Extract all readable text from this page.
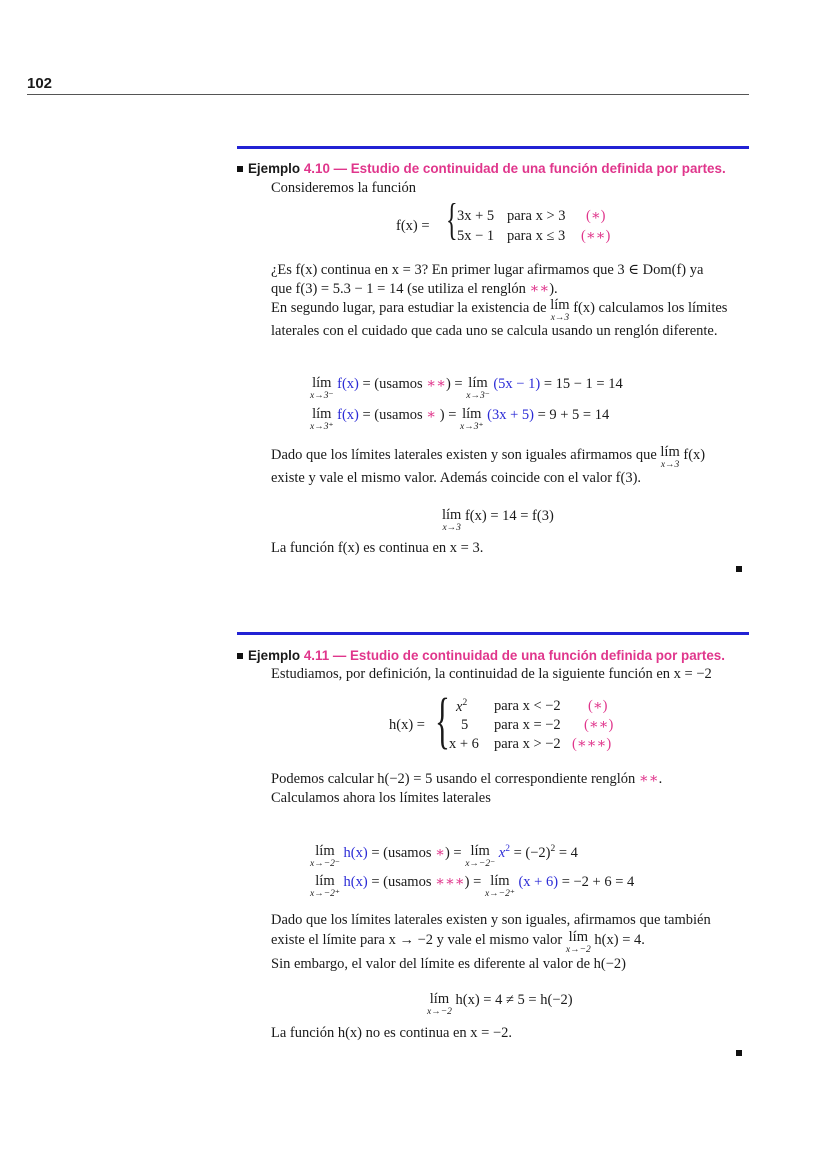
102
Ejemplo 4.10 — Estudio de continuidad de una función definida por partes.
Consideremos la función
f(x) = { 3x + 5 para x > 3 (∗)
5x − 1 para x ≤ 3 (∗∗)
¿Es f(x) continua en x = 3? En primer lugar afirmamos que 3 ∈ Dom(f) ya
que f(3) = 5.3 − 1 = 14 (se utiliza el renglón ∗∗).
En segundo lugar, para estudiar la existencia de lím
x→3
f(x) calculamos los límites
laterales con el cuidado que cada uno se calcula usando un renglón diferente.
lím
x→3⁻
f(x) = (usamos ∗∗) = lím
x→3⁻
(5x − 1) = 15 − 1 = 14
lím
x→3⁺
f(x) = (usamos ∗ ) = lím
x→3⁺
(3x + 5) = 9 + 5 = 14
Dado que los límites laterales existen y son iguales afirmamos que lím
x→3
f(x)
existe y vale el mismo valor. Además coincide con el valor f(3).
lím
x→3
f(x) = 14 = f(3)
La función f(x) es continua en x = 3.
Ejemplo 4.11 — Estudio de continuidad de una función definida por partes.
Estudiamos, por definición, la continuidad de la siguiente función en x = −2
h(x) = { $x^2$ para x < −2 (∗)
5 para x = −2 (∗∗)
x + 6 para x > −2 (∗∗∗)
Podemos calcular h(−2) = 5 usando el correspondiente renglón ∗∗.
Calculamos ahora los límites laterales
lím
x→−2⁻
h(x) = (usamos ∗) = lím
x→−2⁻
$x^2 = (-2)^2 = 4$
lím
x→−2⁺
h(x) = (usamos ∗∗∗) = lím
x→−2⁺
(x + 6) = −2 + 6 = 4
Dado que los límites laterales existen y son iguales, afirmamos que también
existe el límite para x → −2 y vale el mismo valor lím
x→−2
h(x) = 4.
Sin embargo, el valor del límite es diferente al valor de h(−2)
lím
x→−2
h(x) = 4 ≠ 5 = h(−2)
La función h(x) no es continua en x = −2.
